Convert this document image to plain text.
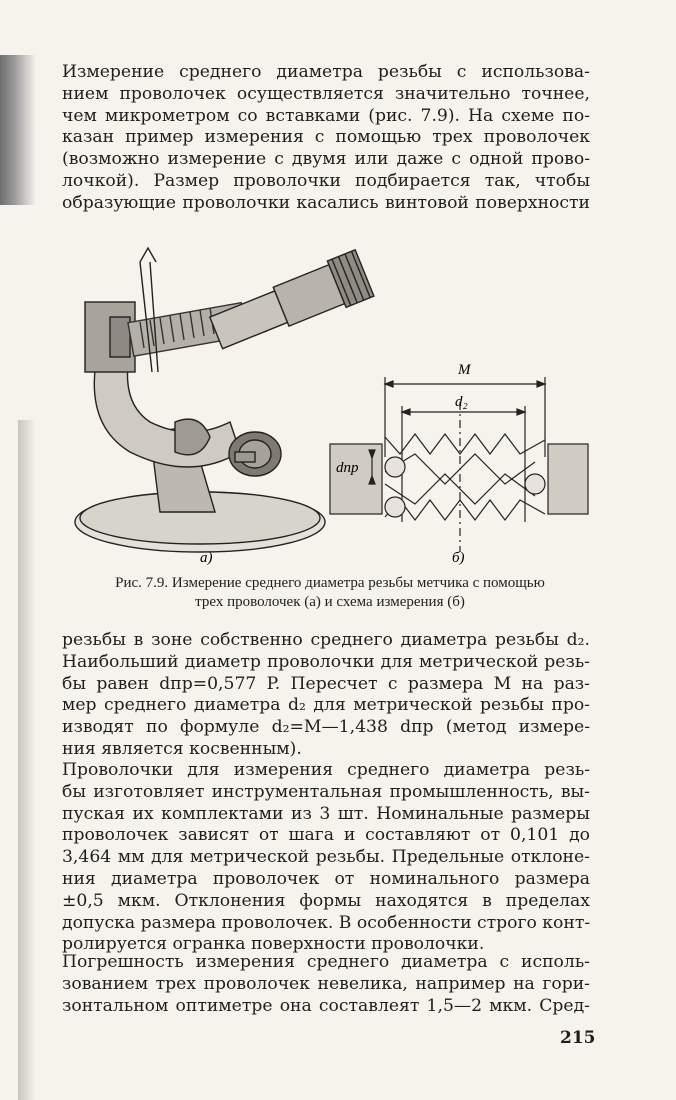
Измерение среднего диаметра резьбы с использова-
нием проволочек осуществляется значительно точнее,
чем микрометром со вставками (рис. 7.9). На схеме по-
казан пример измерения с помощью трех проволочек
(возможно измерение с двумя или даже с одной прово-
лочкой). Размер проволочки подбирается так, чтобы
образующие проволочки касались винтовой поверхности

а)
M
d₂
dпр
б)

Рис. 7.9. Измерение среднего диаметра резьбы метчика с помощью
трех проволочек (а) и схема измерения (б)

резьбы в зоне собственно среднего диаметра резьбы d₂.
Наибольший диаметр проволочки для метрической резь-
бы равен dпр=0,577 P. Пересчет с размера M на раз-
мер среднего диаметра d₂ для метрической резьбы про-
изводят по формуле d₂=M—1,438 dпр (метод измере-
ния является косвенным).

Проволочки для измерения среднего диаметра резь-
бы изготовляет инструментальная промышленность, вы-
пуская их комплектами из 3 шт. Номинальные размеры
проволочек зависят от шага и составляют от 0,101 до
3,464 мм для метрической резьбы. Предельные отклоне-
ния диаметра проволочек от номинального размера
±0,5 мкм. Отклонения формы находятся в пределах
допуска размера проволочек. В особенности строго конт-
ролируется огранка поверхности проволочки.

Погрешность измерения среднего диаметра с исполь-
зованием трех проволочек невелика, например на гори-
зонтальном оптиметре она составлеят 1,5—2 мкм. Сред-

215
